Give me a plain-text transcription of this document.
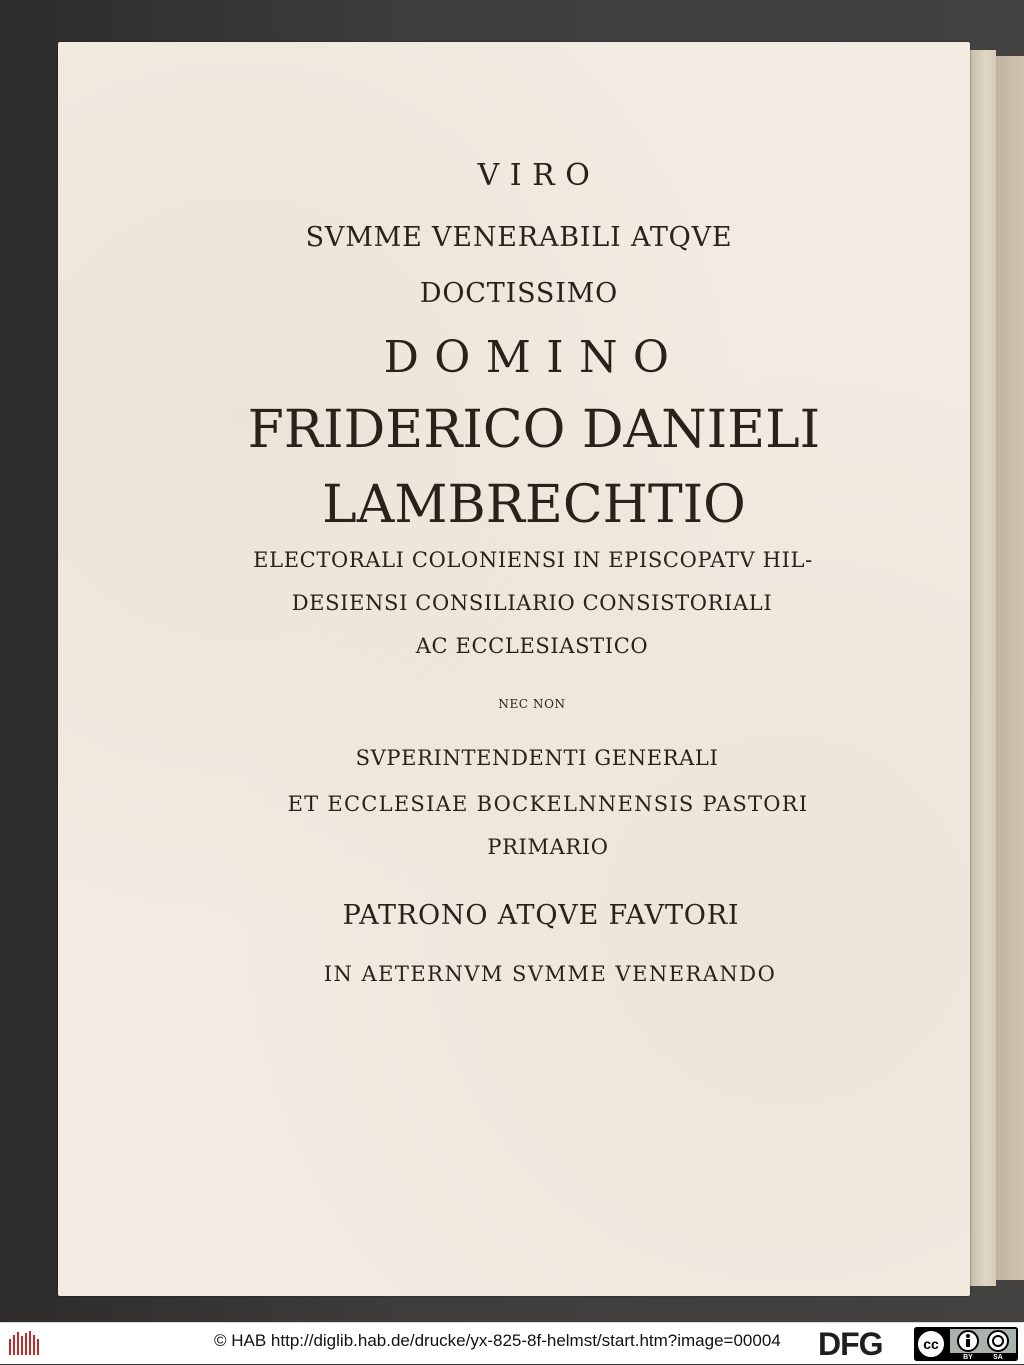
VIRO
SVMME VENERABILI ATQVE
DOCTISSIMO
DOMINO
FRIDERICO DANIELI
LAMBRECHTIO
ELECTORALI COLONIENSI IN EPISCOPATV HIL-
DESIENSI CONSILIARIO CONSISTORIALI
AC ECCLESIASTICO
NEC NON
SVPERINTENDENTI GENERALI
ET ECCLESIAE BOCKELNNENSIS PASTORI
PRIMARIO
PATRONO ATQVE FAVTORI
IN AETERNVM SVMME VENERANDO
© HAB http://diglib.hab.de/drucke/yx-825-8f-helmst/start.htm?image=00004 DFG	cc
BY	SA
